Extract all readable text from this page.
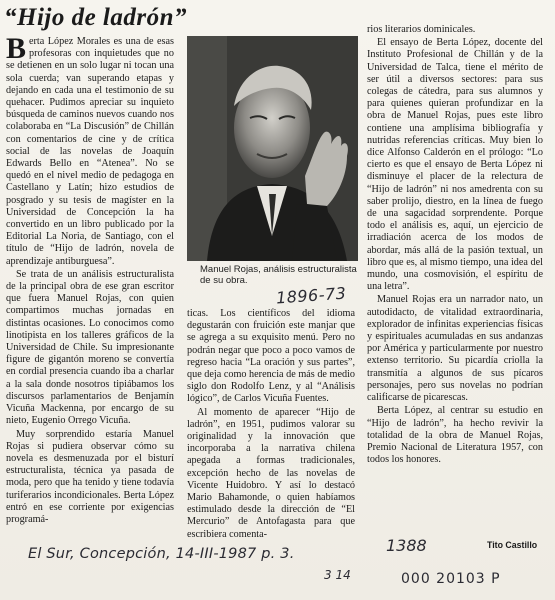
“Hijo de ladrón”

Berta López Morales es una de esas profesoras con inquietudes que no se detienen en un solo lugar ni tocan una sola cuerda; van superando etapas y dejando en cada una el testimonio de su quehacer. Pudimos apreciar su inquieto búsqueda de caminos nuevos cuando nos colaboraba en “La Discusión” de Chillán con comentarios de cine y de crítica social de las novelas de Joaquín Edwards Bello en “Atenea”. No se quedó en el nivel medio de pedagoga en Castellano y Latín; hizo estudios de posgrado y su tesis de magíster en la Universidad de Concepción la ha convertido en un libro publicado por la Editorial La Noria, de Santiago, con el título de “Hijo de ladrón, novela de aprendizaje antiburguesa”.

Se trata de un análisis estructuralista de la principal obra de ese gran escritor que fuera Manuel Rojas, con quien compartimos muchas jornadas en distintas ocasiones. Lo conocimos como linotipista en los talleres gráficos de la Universidad de Chile. Su impresionante figure de gigantón moreno se convertía en cordial presencia cuando iba a charlar a la sala donde nosotros tipiábamos los discursos parlamentarios de Benjamín Vicuña Mackenna, por encargo de su nieto, Eugenio Orrego Vicuña.

Muy sorprendido estaría Manuel Rojas si pudiera observar cómo su novela es desmenuzada por el bisturí estructuralista, técnica ya pasada de moda, pero que ha tenido y tiene todavía turiferarios incondicionales. Berta López entró en ese corriente por exigencias programá-

Manuel Rojas, análisis estructuralista de su obra.
1896-73

ticas. Los científicos del idioma degustarán con fruición este manjar que se agrega a su exquisito menú. Pero no podrán negar que poco a poco vamos de regreso hacia “La oración y sus partes”, que deja como herencia de más de medio siglo don Rodolfo Lenz, y al “Análisis lógico”, de Carlos Vicuña Fuentes.

Al momento de aparecer “Hijo de ladrón”, en 1951, pudimos valorar su originalidad y la innovación que incorporaba a la narrativa chilena apegada a formas tradicionales, excepción hecho de las novelas de Vicente Huidobro. Y así lo destacó Mario Bahamonde, o quien habíamos estimulado desde la dirección de “El Mercurio” de Antofagasta para que escribiera comenta-

rios literarios dominicales.

El ensayo de Berta López, docente del Instituto Profesional de Chillán y de la Universidad de Talca, tiene el mérito de ser útil a diversos sectores: para sus colegas de cátedra, para sus alumnos y para quienes quieran profundizar en la obra de Manuel Rojas, pues este libro contiene una amplísima bibliografía y nutridas referencias críticas. Muy bien lo dice Alfonso Calderón en el prólogo: “Lo cierto es que el ensayo de Berta López ni disminuye el placer de la relectura de “Hijo de ladrón” ni nos amedrenta con su saber prolijo, diestro, en la línea de fuego de una sagacidad sorprendente. Porque todo el análisis es, aquí, un ejercicio de irradiación acerca de los modos de abordar, más allá de la pasión textual, un libro que es, al mismo tiempo, una idea del mundo, una cosmovisión, el espíritu de una letra”.

Manuel Rojas era un narrador nato, un autodidacto, de vitalidad extraordinaria, explorador de infinitas experiencias físicas y espirituales acumuladas en sus andanzas por América y particularmente por nuestro extenso territorio. Su picardía criolla la transmitía a algunos de sus pícaros personajes, pero sus novelas no podrían calificarse de picarescas.

Berta López, al centrar su estudio en “Hijo de ladrón”, ha hecho revivir la totalidad de la obra de Manuel Rojas, Premio Nacional de Literatura 1957, con todos los honores.

Tito Castillo
El Sur, Concepción, 14-III-1987 p. 3.	1388
3 14	000 20103 P
